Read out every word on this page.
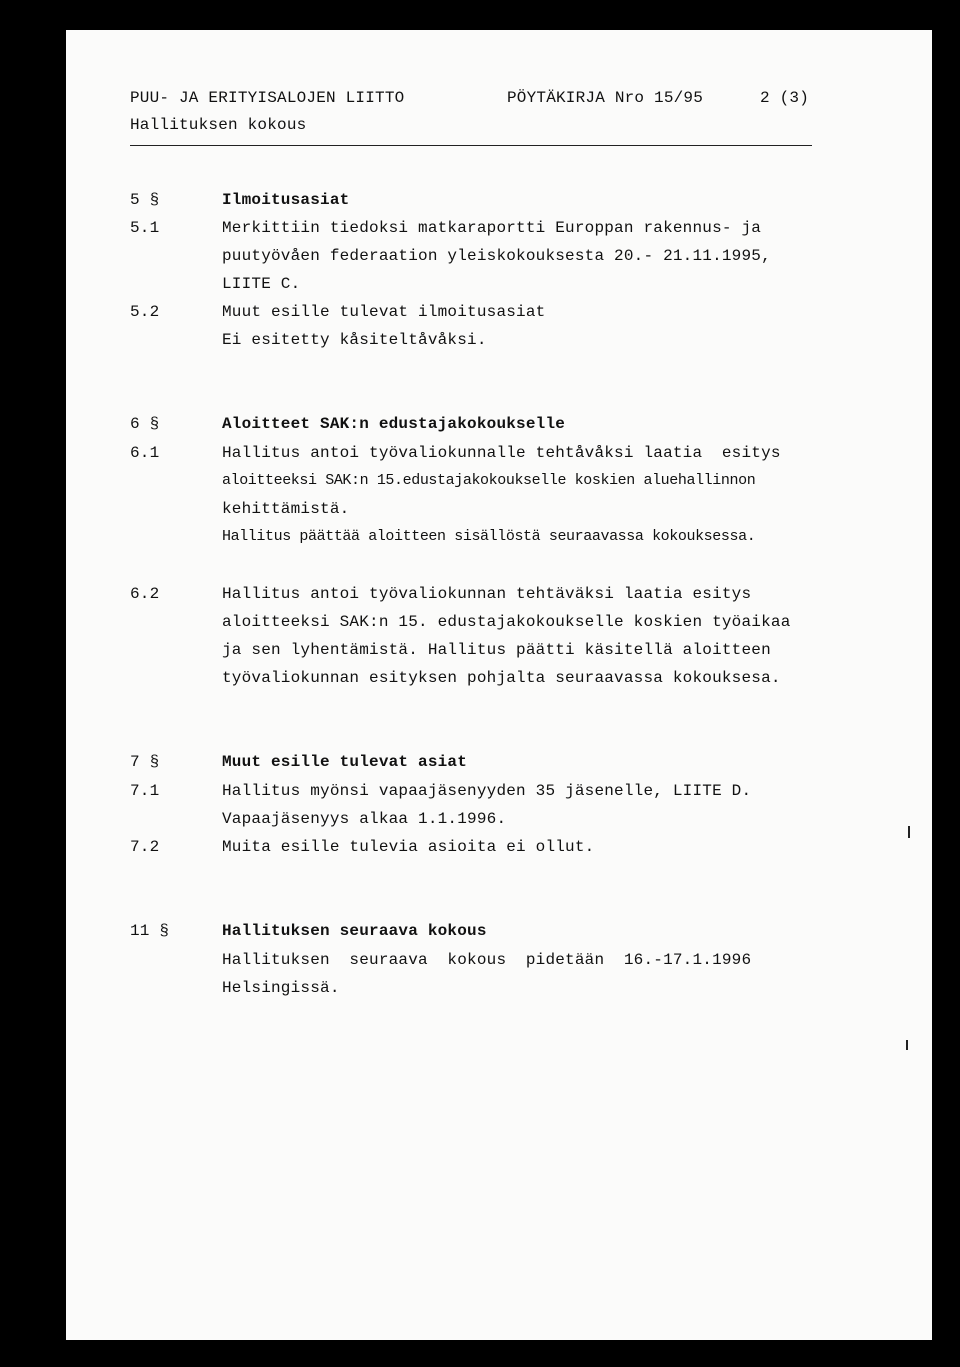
PUU- JA ERITYISALOJEN LIITTO	PÖYTÄKIRJA Nro 15/95	2 (3)
Hallituksen kokous
5 §	Ilmoitusasiat
5.1	Merkittiin tiedoksi matkaraportti Europpan rakennus- ja
puutyövåen federaation yleiskokouksesta 20.- 21.11.1995,
LIITE C.
5.2	Muut esille tulevat ilmoitusasiat
Ei esitetty kåsiteltåvåksi.
6 §	Aloitteet SAK:n edustajakokoukselle
6.1	Hallitus antoi työvaliokunnalle tehtåvåksi laatia  esitys
aloitteeksi SAK:n 15.edustajakokoukselle koskien aluehallinnon
kehittämistä.
Hallitus päättää aloitteen sisällöstä seuraavassa kokouksessa.
6.2	Hallitus antoi työvaliokunnan tehtäväksi laatia esitys
aloitteeksi SAK:n 15. edustajakokoukselle koskien työaikaa
ja sen lyhentämistä. Hallitus päätti käsitellä aloitteen
työvaliokunnan esityksen pohjalta seuraavassa kokouksesa.
7 §	Muut esille tulevat asiat
7.1	Hallitus myönsi vapaajäsenyyden 35 jäsenelle, LIITE D.
Vapaajäsenyys alkaa 1.1.1996.
7.2	Muita esille tulevia asioita ei ollut.
11 §	Hallituksen seuraava kokous
Hallituksen  seuraava  kokous  pidetään  16.-17.1.1996
Helsingissä.
